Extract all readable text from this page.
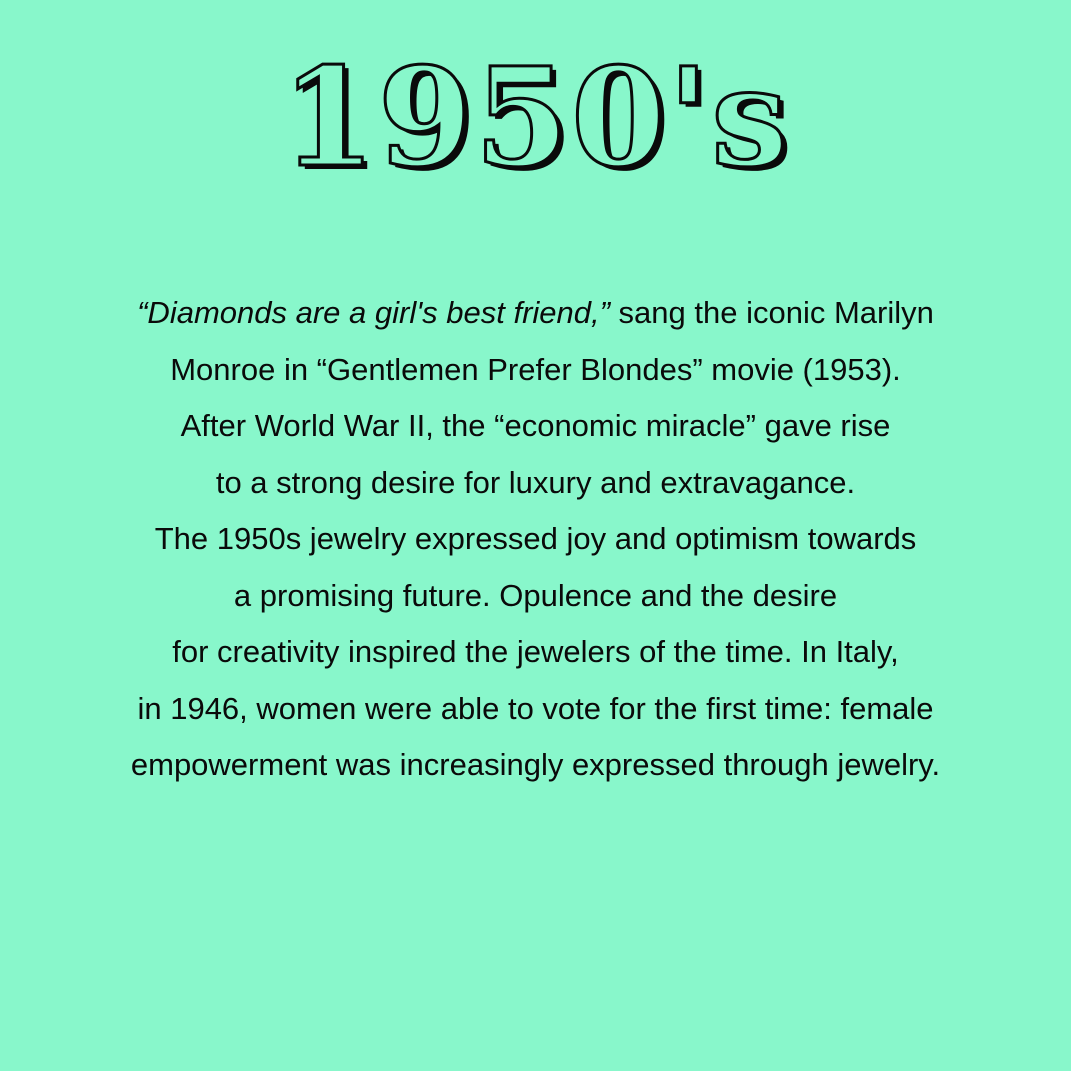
1950's
“Diamonds are a girl's best friend,” sang the iconic Marilyn
Monroe in “Gentlemen Prefer Blondes” movie (1953).
After World War II, the “economic miracle” gave rise
to a strong desire for luxury and extravagance.
The 1950s jewelry expressed joy and optimism towards
a promising future. Opulence and the desire
for creativity inspired the jewelers of the time. In Italy,
in 1946, women were able to vote for the first time: female
empowerment was increasingly expressed through jewelry.
